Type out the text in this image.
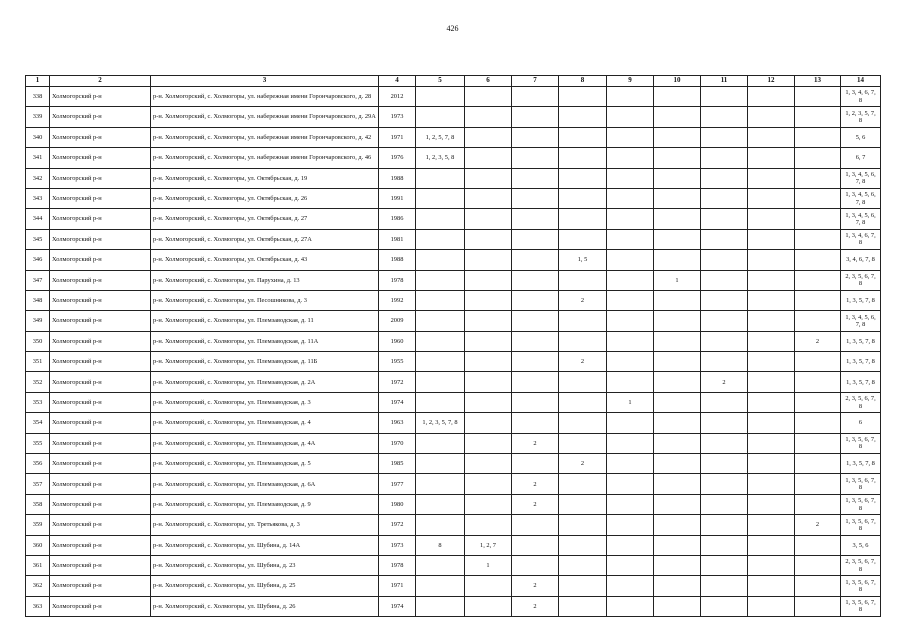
426
1	2	3	4	5	6	7	8	9	10	11	12	13	14
338	Холмогорский р-н	р-н. Холмогорский, с. Холмогоры, ул. набережная имени Горончаровского, д. 28	2012										1, 3, 4, 6, 7, 8
339	Холмогорский р-н	р-н. Холмогорский, с. Холмогоры, ул. набережная имени Горончаровского, д. 29А	1973										1, 2, 3, 5, 7, 8
340	Холмогорский р-н	р-н. Холмогорский, с. Холмогоры, ул. набережная имени Горончаровского, д. 42	1971	1, 2, 5, 7, 8									5, 6
341	Холмогорский р-н	р-н. Холмогорский, с. Холмогоры, ул. набережная имени Горончаровского, д. 46	1976	1, 2, 3, 5, 8									6, 7
342	Холмогорский р-н	р-н. Холмогорский, с. Холмогоры, ул. Октябрьская, д. 19	1988										1, 3, 4, 5, 6, 7, 8
343	Холмогорский р-н	р-н. Холмогорский, с. Холмогоры, ул. Октябрьская, д. 26	1991										1, 3, 4, 5, 6, 7, 8
344	Холмогорский р-н	р-н. Холмогорский, с. Холмогоры, ул. Октябрьская, д. 27	1986										1, 3, 4, 5, 6, 7, 8
345	Холмогорский р-н	р-н. Холмогорский, с. Холмогоры, ул. Октябрьская, д. 27А	1981										1, 3, 4, 6, 7, 8
346	Холмогорский р-н	р-н. Холмогорский, с. Холмогоры, ул. Октябрьская, д. 43	1988				1, 5						3, 4, 6, 7, 8
347	Холмогорский р-н	р-н. Холмогорский, с. Холмогоры, ул. Парухина, д. 13	1978						1				2, 3, 5, 6, 7, 8
348	Холмогорский р-н	р-н. Холмогорский, с. Холмогоры, ул. Песошникова, д. 3	1992				2						1, 3, 5, 7, 8
349	Холмогорский р-н	р-н. Холмогорский, с. Холмогоры, ул. Племзаводская, д. 11	2009										1, 3, 4, 5, 6, 7, 8
350	Холмогорский р-н	р-н. Холмогорский, с. Холмогоры, ул. Племзаводская, д. 11А	1960									2	1, 3, 5, 7, 8
351	Холмогорский р-н	р-н. Холмогорский, с. Холмогоры, ул. Племзаводская, д. 11Б	1955				2						1, 3, 5, 7, 8
352	Холмогорский р-н	р-н. Холмогорский, с. Холмогоры, ул. Племзаводская, д. 2А	1972							2			1, 3, 5, 7, 8
353	Холмогорский р-н	р-н. Холмогорский, с. Холмогоры, ул. Племзаводская, д. 3	1974					1					2, 3, 5, 6, 7, 8
354	Холмогорский р-н	р-н. Холмогорский, с. Холмогоры, ул. Племзаводская, д. 4	1963	1, 2, 3, 5, 7, 8									6
355	Холмогорский р-н	р-н. Холмогорский, с. Холмогоры, ул. Племзаводская, д. 4А	1970			2							1, 3, 5, 6, 7, 8
356	Холмогорский р-н	р-н. Холмогорский, с. Холмогоры, ул. Племзаводская, д. 5	1985				2						1, 3, 5, 7, 8
357	Холмогорский р-н	р-н. Холмогорский, с. Холмогоры, ул. Племзаводская, д. 6А	1977			2							1, 3, 5, 6, 7, 8
358	Холмогорский р-н	р-н. Холмогорский, с. Холмогоры, ул. Племзаводская, д. 9	1980			2							1, 3, 5, 6, 7, 8
359	Холмогорский р-н	р-н. Холмогорский, с. Холмогоры, ул. Третьякова, д. 3	1972									2	1, 3, 5, 6, 7, 8
360	Холмогорский р-н	р-н. Холмогорский, с. Холмогоры, ул. Шубина, д. 14А	1973	8	1, 2, 7								3, 5, 6
361	Холмогорский р-н	р-н. Холмогорский, с. Холмогоры, ул. Шубина, д. 23	1978		1								2, 3, 5, 6, 7, 8
362	Холмогорский р-н	р-н. Холмогорский, с. Холмогоры, ул. Шубина, д. 25	1971			2							1, 3, 5, 6, 7, 8
363	Холмогорский р-н	р-н. Холмогорский, с. Холмогоры, ул. Шубина, д. 26	1974			2							1, 3, 5, 6, 7, 8
